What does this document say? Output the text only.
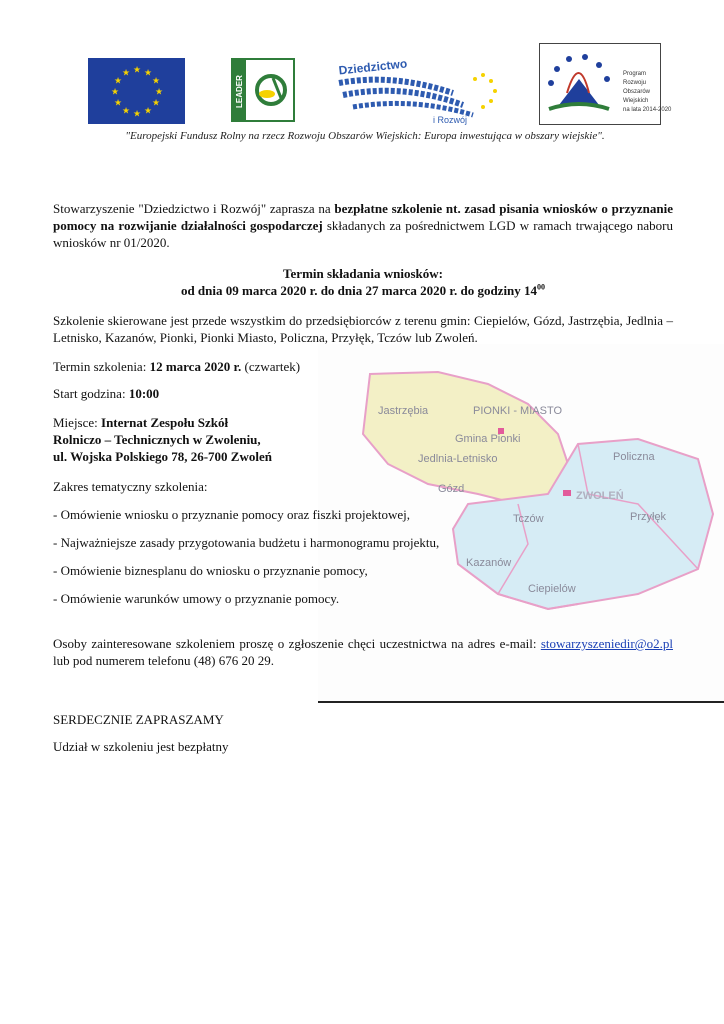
★
★
★
★
★
★
★
★
★ ★ ★
★	LEADER
Dziedzictwo
i Rozwój
Program
Rozwoju
Obszarów
Wiejskich
na lata 2014-2020
"Europejski Fundusz Rolny na rzecz Rozwoju Obszarów Wiejskich: Europa inwestująca w obszary wiejskie".
Jastrzębia	PIONKI - MIASTO
Gmina Pionki
Jedlnia-Letnisko
Gózd
Policzna
ZWOLEŃ
Tczów	Przyłęk
Kazanów
Ciepielów
Stowarzyszenie "Dziedzictwo i Rozwój" zaprasza na bezpłatne szkolenie nt. zasad pisania wniosków o przyznanie pomocy na rozwijanie działalności gospodarczej składanych za pośrednictwem LGD w ramach trwającego naboru wniosków nr 01/2020.
Termin składania wniosków:
od dnia 09 marca 2020 r. do dnia 27 marca 2020 r. do godziny $14^{00}$
Szkolenie skierowane jest przede wszystkim do przedsiębiorców z terenu gmin: Ciepielów, Gózd, Jastrzębia, Jedlnia – Letnisko, Kazanów, Pionki, Pionki Miasto, Policzna, Przyłęk, Tczów lub Zwoleń.
Termin szkolenia: 12 marca 2020 r. (czwartek)
Start godzina: 10:00
Miejsce: Internat Zespołu Szkół
Rolniczo – Technicznych w Zwoleniu,
ul. Wojska Polskiego 78, 26-700 Zwoleń
Zakres tematyczny szkolenia:
- Omówienie wniosku o przyznanie pomocy oraz fiszki projektowej,
- Najważniejsze zasady przygotowania budżetu i harmonogramu projektu,
- Omówienie biznesplanu do wniosku o przyznanie pomocy,
- Omówienie warunków umowy o przyznanie pomocy.
Osoby zainteresowane szkoleniem proszę o zgłoszenie chęci uczestnictwa na adres e-mail: stowarzyszeniedir@o2.pl lub pod numerem telefonu (48) 676 20 29.
SERDECZNIE ZAPRASZAMY
Udział w szkoleniu jest bezpłatny
